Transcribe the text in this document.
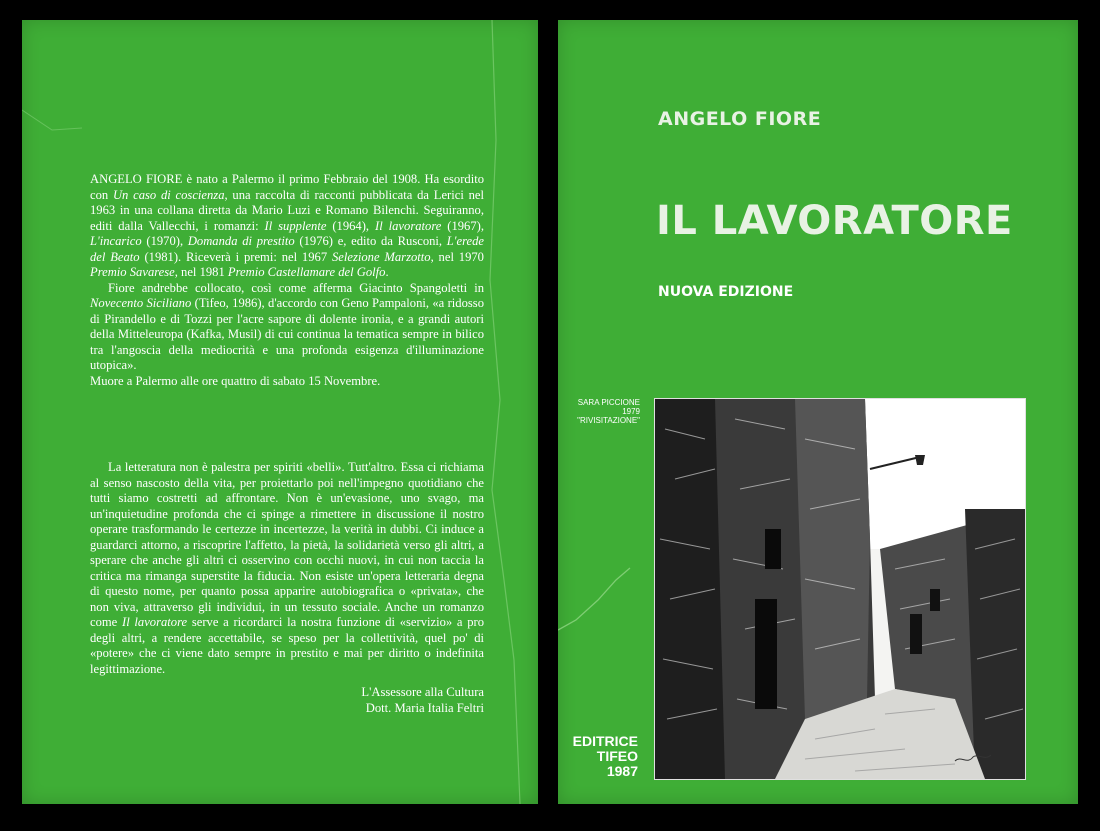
ANGELO FIORE è nato a Palermo il primo Febbraio del 1908. Ha esordito con Un caso di coscienza, una raccolta di racconti pubblicata da Lerici nel 1963 in una collana diretta da Mario Luzi e Romano Bilenchi. Seguiranno, editi dalla Vallecchi, i romanzi: Il supplente (1964), Il lavoratore (1967), L'incarico (1970), Domanda di prestito (1976) e, edito da Rusconi, L'erede del Beato (1981). Riceverà i premi: nel 1967 Selezione Marzotto, nel 1970 Premio Savarese, nel 1981 Premio Castellamare del Golfo.

Fiore andrebbe collocato, così come afferma Giacinto Spangoletti in Novecento Siciliano (Tifeo, 1986), d'accordo con Geno Pampaloni, «a ridosso di Pirandello e di Tozzi per l'acre sapore di dolente ironia, e a grandi autori della Mitteleuropa (Kafka, Musil) di cui continua la tematica sempre in bilico tra l'angoscia della mediocrità e una profonda esigenza d'illuminazione utopica».

Muore a Palermo alle ore quattro di sabato 15 Novembre.

La letteratura non è palestra per spiriti «belli». Tutt'altro. Essa ci richiama al senso nascosto della vita, per proiettarlo poi nell'impegno quotidiano che tutti siamo costretti ad affrontare. Non è un'evasione, uno svago, ma un'inquietudine profonda che ci spinge a rimettere in discussione il nostro operare trasformando le certezze in incertezze, la verità in dubbi. Ci induce a guardarci attorno, a riscoprire l'affetto, la pietà, la solidarietà verso gli altri, a sperare che anche gli altri ci osservino con occhi nuovi, in cui non taccia la critica ma rimanga superstite la fiducia. Non esiste un'opera letteraria degna di questo nome, per quanto possa apparire autobiografica o «privata», che non viva, attraverso gli individui, in un tessuto sociale. Anche un romanzo come Il lavoratore serve a ricordarci la nostra funzione di «servizio» a pro degli altri, a rendere accettabile, se speso per la collettività, quel po' di «potere» che ci viene dato sempre in prestito e mai per diritto o indefinita legittimazione.

L'Assessore alla Cultura
Dott. Maria Italia Feltri
ANGELO FIORE
IL LAVORATORE
NUOVA EDIZIONE
SARA PICCIONE
1979
"RIVISITAZIONE"
EDITRICE
TIFEO
1987
